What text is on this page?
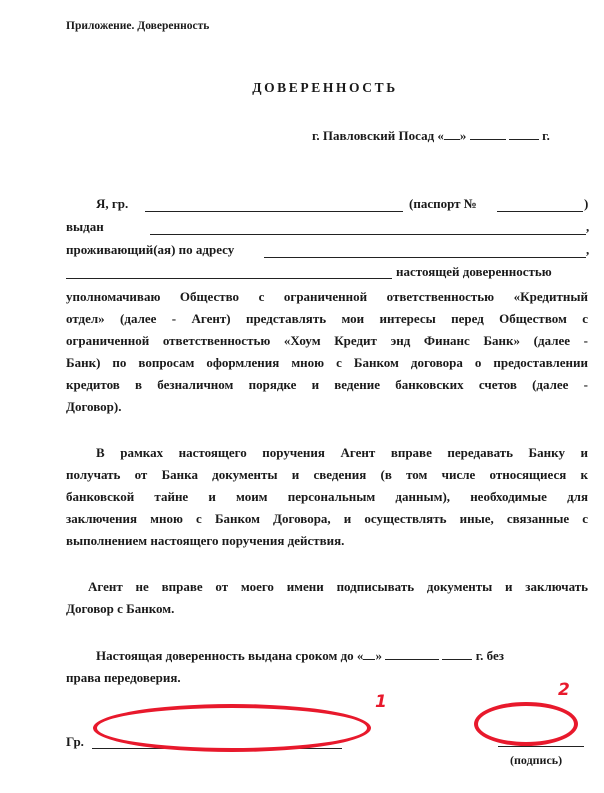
Приложение. Доверенность
ДОВЕРЕННОСТЬ
г. Павловский Посад « »	г.
Я, гр.	(паспорт №	)
выдан	,
проживающий(ая) по адресу	,
настоящей доверенностью
уполномачиваю Общество с ограниченной ответственностью «Кредитный
отдел» (далее - Агент) представлять мои интересы перед Обществом с
ограниченной ответственностью «Хоум Кредит энд Финанс Банк» (далее -
Банк) по вопросам оформления мною с Банком договора о предоставлении
кредитов в безналичном порядке и ведение банковских счетов (далее -
Договор).
В рамках настоящего поручения Агент вправе передавать Банку и
получать от Банка документы и сведения (в том числе относящиеся к
банковской тайне и моим персональным данным), необходимые для
заключения мною с Банком Договора, и осуществлять иные, связанные с
выполнением настоящего поручения действия.
Агент не вправе от моего имени подписывать документы и заключать
Договор с Банком.
Настоящая доверенность выдана сроком до « »	г. без
права передоверия.
Гр.
(подпись)
1
2
